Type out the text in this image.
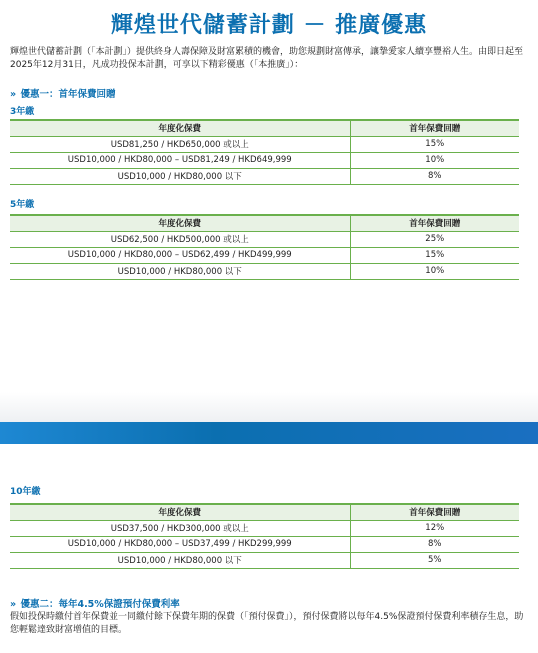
輝煌世代儲蓄計劃 － 推廣優惠
輝煌世代儲蓄計劃（「本計劃」）提供終身人壽保障及財富累積的機會，助您規劃財富傳承，讓摯愛家人續享豐裕人生。由即日起至2025年12月31日，凡成功投保本計劃，可享以下精彩優惠（「本推廣」）：
» 優惠一：首年保費回贈
3年繳
年度化保費	首年保費回贈
USD81,250 / HKD650,000 或以上	15%
USD10,000 / HKD80,000 – USD81,249 / HKD649,999	10%
USD10,000 / HKD80,000 以下	8%
5年繳
年度化保費	首年保費回贈
USD62,500 / HKD500,000 或以上	25%
USD10,000 / HKD80,000 – USD62,499 / HKD499,999	15%
USD10,000 / HKD80,000 以下	10%
10年繳
年度化保費	首年保費回贈
USD37,500 / HKD300,000 或以上	12%
USD10,000 / HKD80,000 – USD37,499 / HKD299,999	8%
USD10,000 / HKD80,000 以下	5%
» 優惠二：每年4.5%保證預付保費利率
假如投保時繳付首年保費並一同繳付餘下保費年期的保費（「預付保費」），預付保費將以每年4.5%保證預付保費利率積存生息，助您輕鬆達致財富增值的目標。
